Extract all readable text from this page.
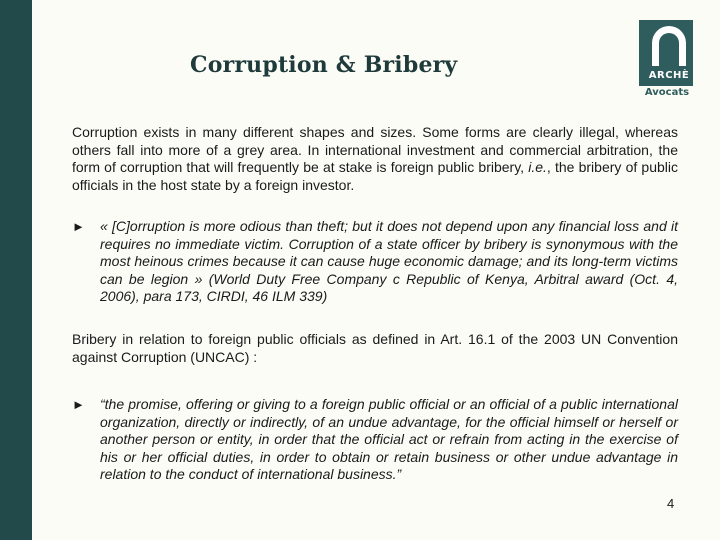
Corruption & Bribery	ARCHÈ
Avocats

Corruption exists in many different shapes and sizes. Some forms are clearly illegal, whereas others fall into more of a grey area. In international investment and commercial arbitration, the form of corruption that will frequently be at stake is foreign public bribery, i.e., the bribery of public officials in the host state by a foreign investor.

► « [C]orruption is more odious than theft; but it does not depend upon any financial loss and it requires no immediate victim. Corruption of a state officer by bribery is synonymous with the most heinous crimes because it can cause huge economic damage; and its long-term victims can be legion » (World Duty Free Company c Republic of Kenya, Arbitral award (Oct. 4, 2006), para 173, CIRDI, 46 ILM 339)

Bribery in relation to foreign public officials as defined in Art. 16.1 of the 2003 UN Convention against Corruption (UNCAC) :

► “the promise, offering or giving to a foreign public official or an official of a public international organization, directly or indirectly, of an undue advantage, for the official himself or herself or another person or entity, in order that the official act or refrain from acting in the exercise of his or her official duties, in order to obtain or retain business or other undue advantage in relation to the conduct of international business.”

4
